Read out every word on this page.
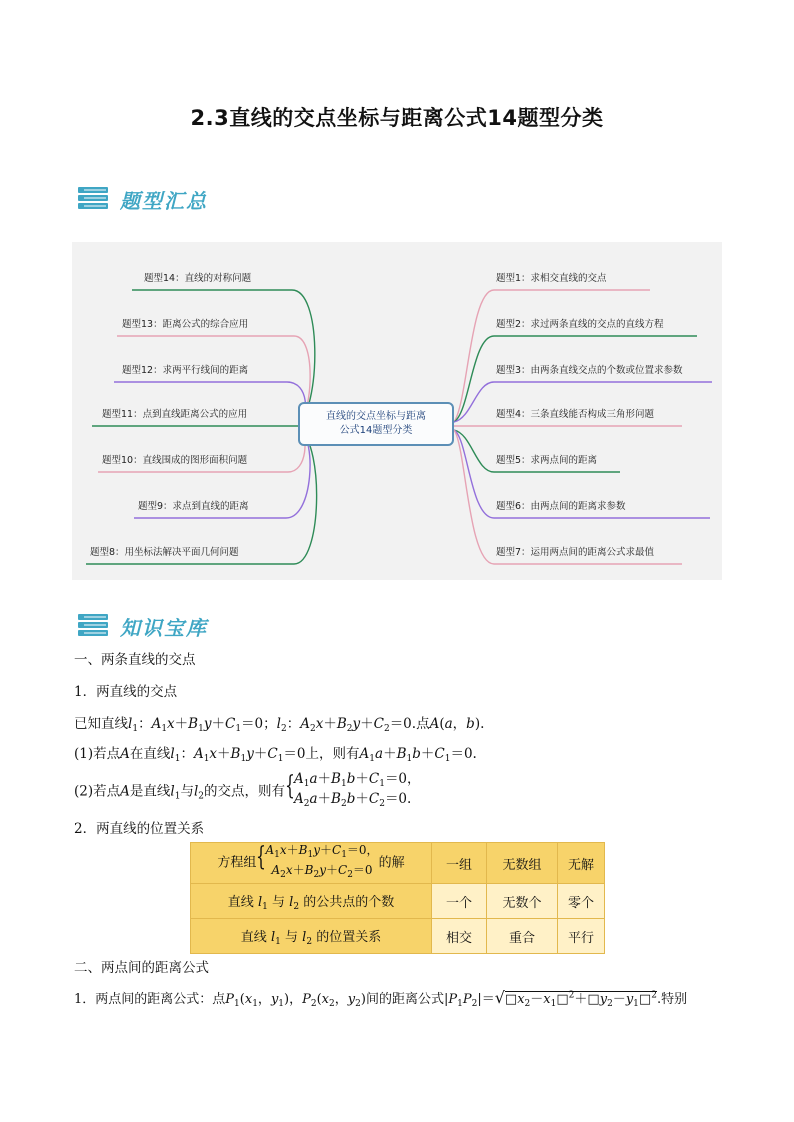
2.3直线的交点坐标与距离公式14题型分类
题型汇总
直线的交点坐标与距离
公式14题型分类
题型14：直线的对称问题
题型13：距离公式的综合应用
题型12：求两平行线间的距离
题型11：点到直线距离公式的应用
题型10：直线围成的图形面积问题
题型9：求点到直线的距离
题型8：用坐标法解决平面几何问题
题型1：求相交直线的交点
题型2：求过两条直线的交点的直线方程
题型3：由两条直线交点的个数或位置求参数
题型4：三条直线能否构成三角形问题
题型5：求两点间的距离
题型6：由两点间的距离求参数
题型7：运用两点间的距离公式求最值
知识宝库
一、两条直线的交点
1．两直线的交点
已知直线$l_1$：$A_1x+B_1y+C_1=0$；$l_2$：$A_2x+B_2y+C_2=0$.点A(a，b).
(1)若点A在直线$l_1$：$A_1x+B_1y+C_1=0$上，则有$A_1a+B_1b+C_1=0$.
(2)若点A是直线$l_1$与$l_2$的交点，则有 { $A_1a+B_1b+C_1=0$，
$A_2a+B_2b+C_2=0$.
2．两直线的位置关系
方程组 { $A_1x+B_1y+C_1=0$，
$A_2x+B_2y+C_2=0$ 的解	一组	无数组	无解
直线 $l_1$ 与 $l_2$ 的公共点的个数	一个	无数个	零个
直线 $l_1$ 与 $l_2$ 的位置关系	相交	重合	平行
二、两点间的距离公式
1．两点间的距离公式：点$P_1(x_1$，$y_1$)，$P_2(x_2$，$y_2$)间的距离公式$|P_1P_2|=√□x_2-x_1□^2+□y_2-y_1□^2$.特别
